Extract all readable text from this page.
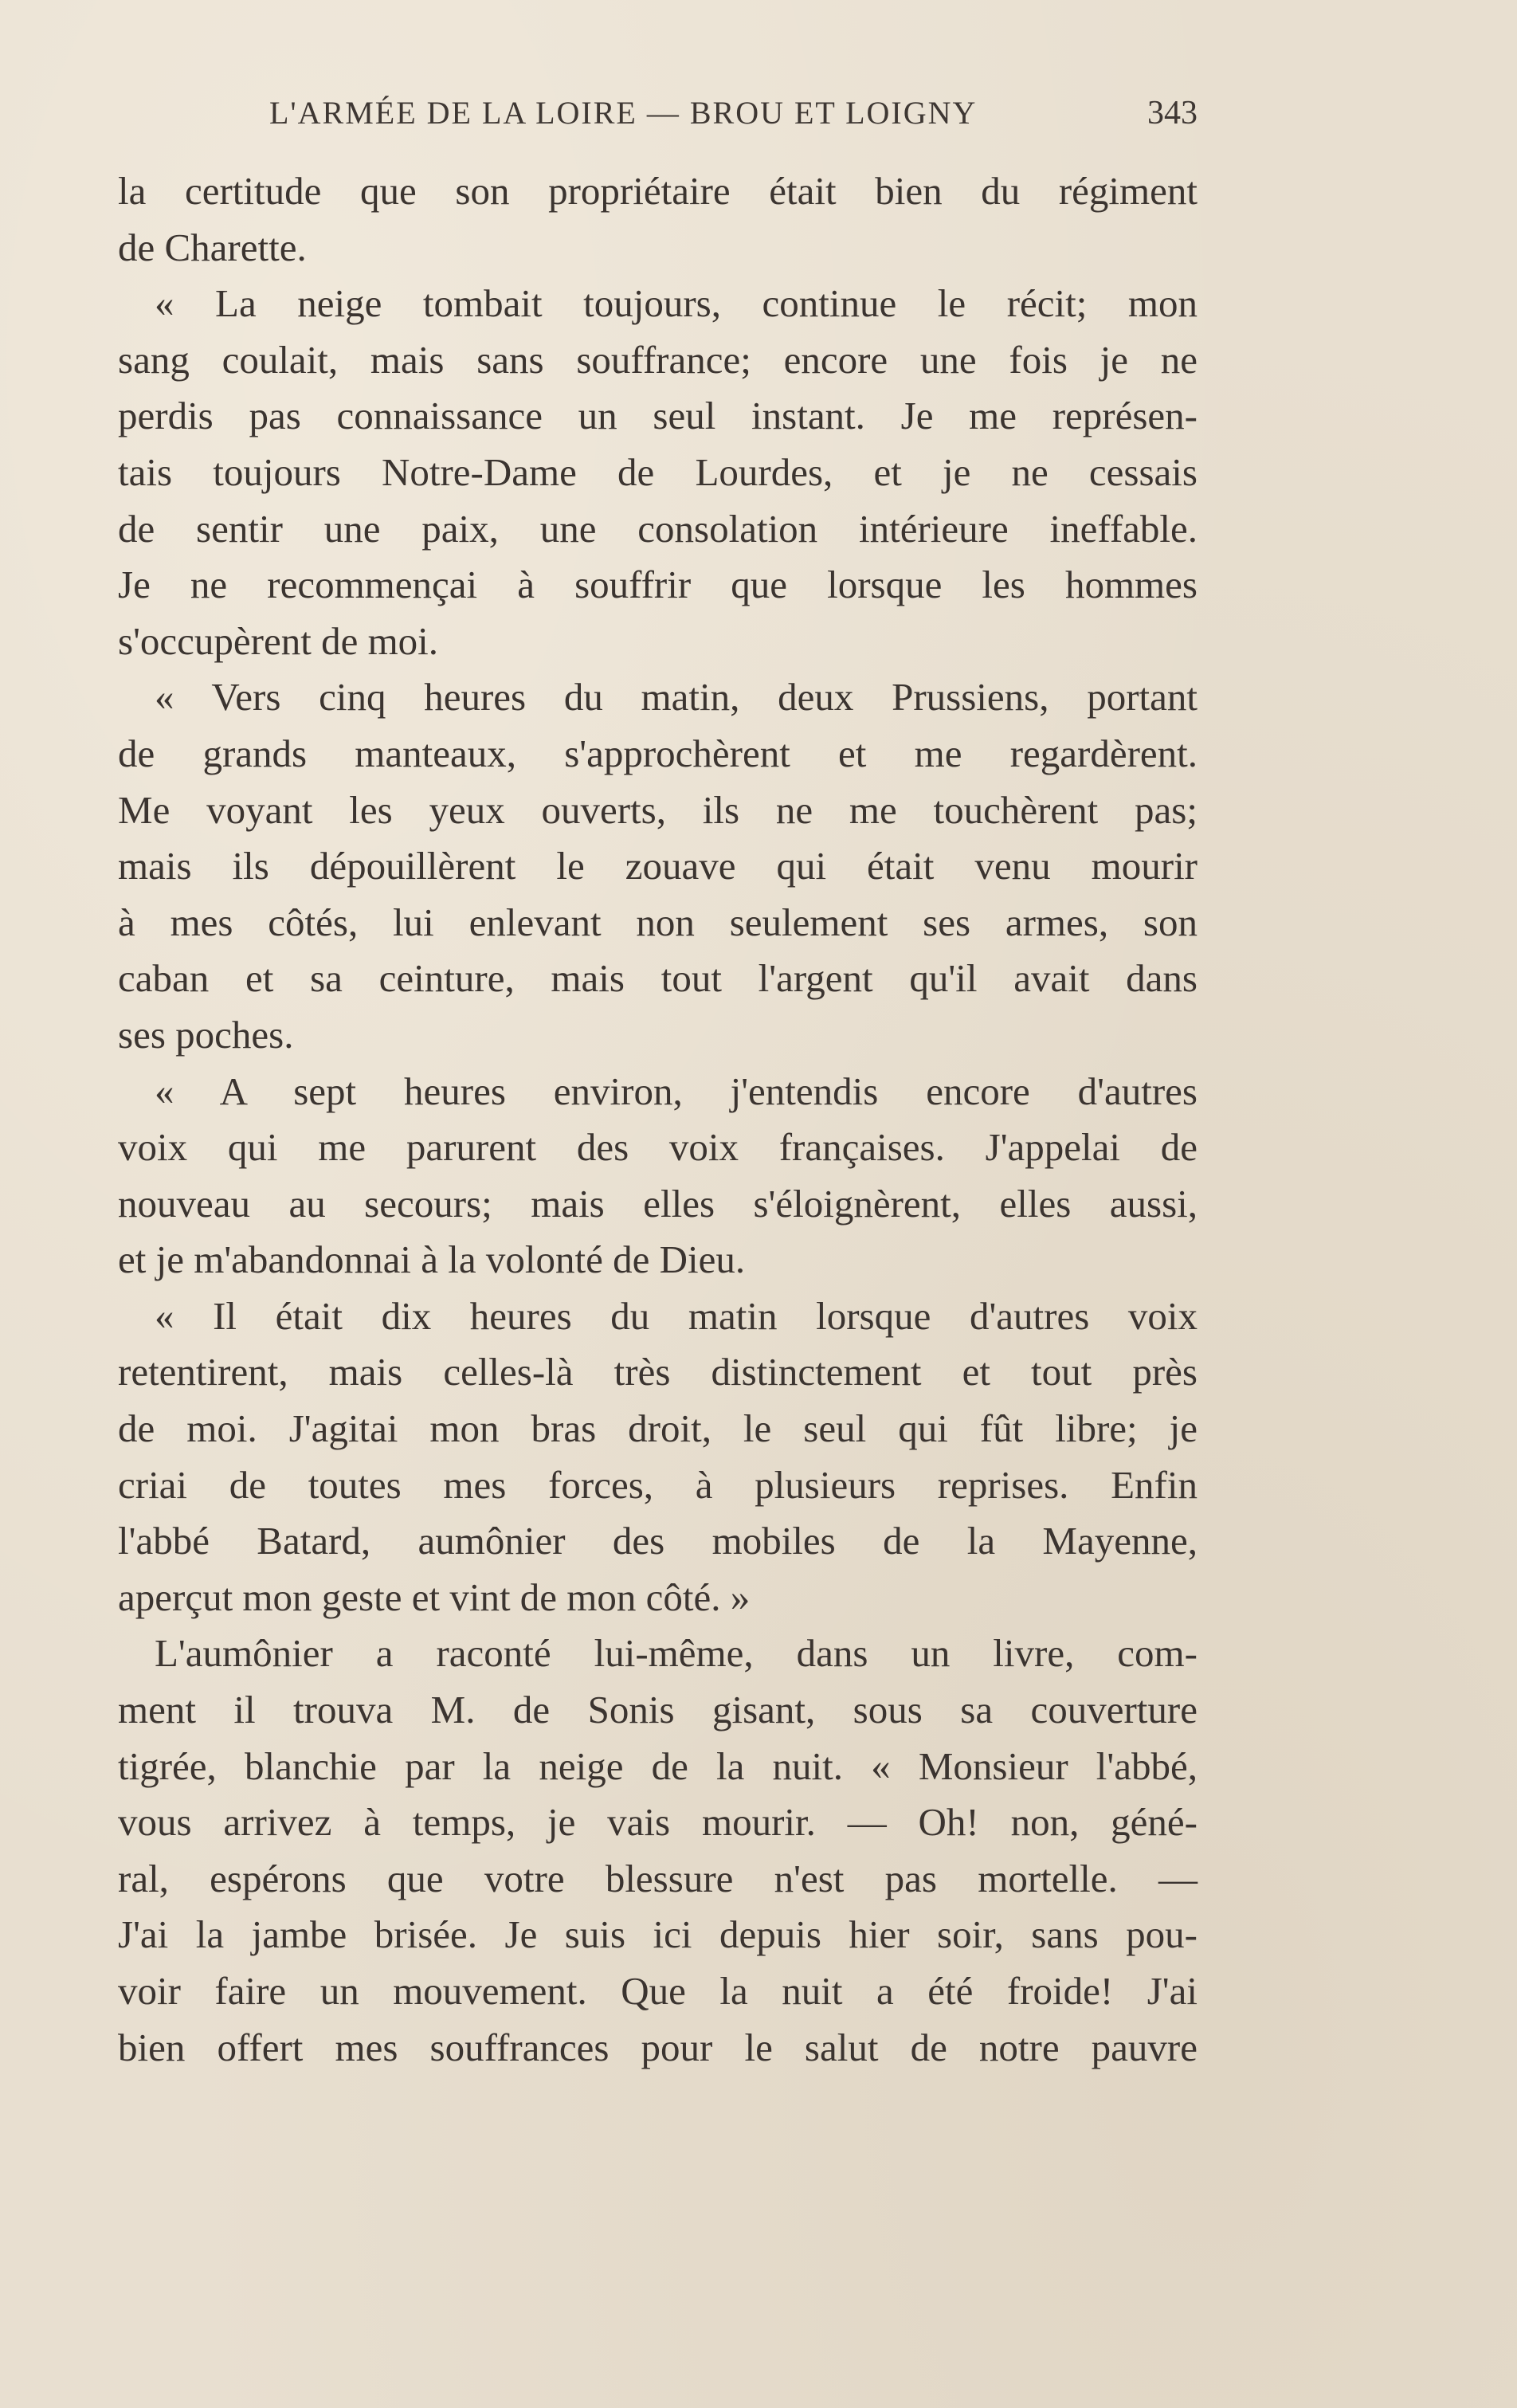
L'ARMÉE DE LA LOIRE — BROU ET LOIGNY	343
la certitude que son propriétaire était bien du régiment
de Charette.
« La neige tombait toujours, continue le récit; mon
sang coulait, mais sans souffrance; encore une fois je ne
perdis pas connaissance un seul instant. Je me représen-
tais toujours Notre-Dame de Lourdes, et je ne cessais
de sentir une paix, une consolation intérieure ineffable.
Je ne recommençai à souffrir que lorsque les hommes
s'occupèrent de moi.
« Vers cinq heures du matin, deux Prussiens, portant
de grands manteaux, s'approchèrent et me regardèrent.
Me voyant les yeux ouverts, ils ne me touchèrent pas;
mais ils dépouillèrent le zouave qui était venu mourir
à mes côtés, lui enlevant non seulement ses armes, son
caban et sa ceinture, mais tout l'argent qu'il avait dans
ses poches.
« A sept heures environ, j'entendis encore d'autres
voix qui me parurent des voix françaises. J'appelai de
nouveau au secours; mais elles s'éloignèrent, elles aussi,
et je m'abandonnai à la volonté de Dieu.
« Il était dix heures du matin lorsque d'autres voix
retentirent, mais celles-là très distinctement et tout près
de moi. J'agitai mon bras droit, le seul qui fût libre; je
criai de toutes mes forces, à plusieurs reprises. Enfin
l'abbé Batard, aumônier des mobiles de la Mayenne,
aperçut mon geste et vint de mon côté. »
L'aumônier a raconté lui-même, dans un livre, com-
ment il trouva M. de Sonis gisant, sous sa couverture
tigrée, blanchie par la neige de la nuit. « Monsieur l'abbé,
vous arrivez à temps, je vais mourir. — Oh! non, géné-
ral, espérons que votre blessure n'est pas mortelle. —
J'ai la jambe brisée. Je suis ici depuis hier soir, sans pou-
voir faire un mouvement. Que la nuit a été froide! J'ai
bien offert mes souffrances pour le salut de notre pauvre
